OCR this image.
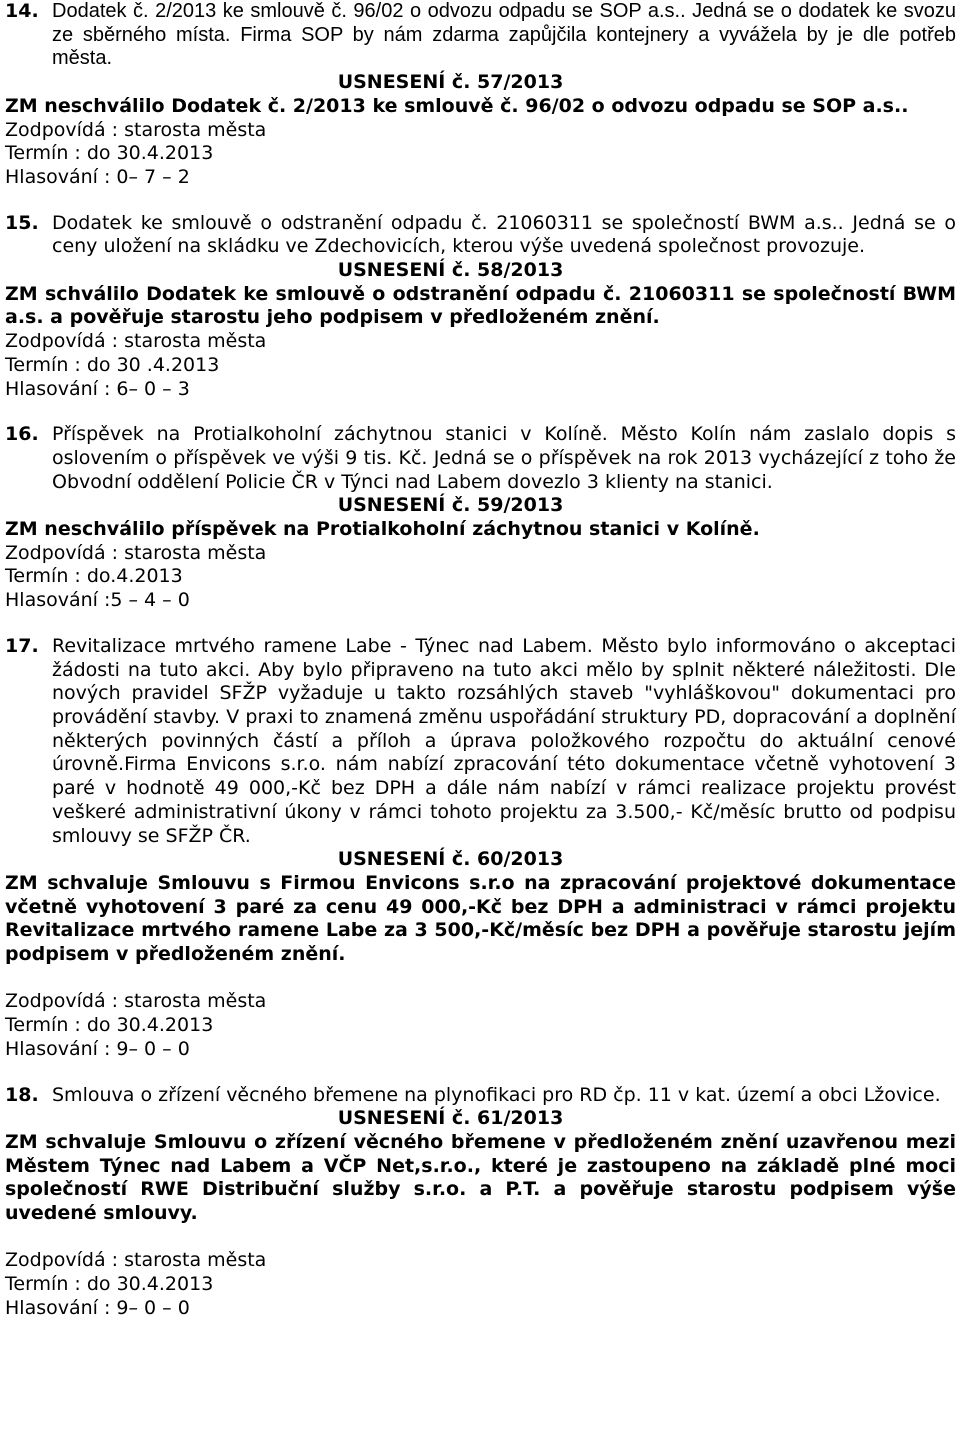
14. Dodatek č. 2/2013 ke smlouvě č. 96/02 o odvozu odpadu se SOP a.s.. Jedná se o dodatek ke svozu ze sběrného místa. Firma SOP by nám zdarma zapůjčila kontejnery a vyvážela by je dle potřeb města.
USNESENÍ č. 57/2013
ZM neschválilo Dodatek č. 2/2013 ke smlouvě č. 96/02 o odvozu odpadu se SOP a.s..
Zodpovídá : starosta města
Termín : do 30.4.2013
Hlasování : 0– 7 – 2
15. Dodatek ke smlouvě o odstranění odpadu č. 21060311 se společností BWM a.s.. Jedná se o ceny uložení na skládku ve Zdechovicích, kterou výše uvedená společnost provozuje.
USNESENÍ č. 58/2013
ZM schválilo Dodatek ke smlouvě o odstranění odpadu č. 21060311 se společností BWM a.s. a pověřuje starostu jeho podpisem v předloženém znění.
Zodpovídá : starosta města
Termín : do 30 .4.2013
Hlasování : 6– 0 – 3
16. Příspěvek na Protialkoholní záchytnou stanici v Kolíně. Město Kolín nám zaslalo dopis s oslovením o příspěvek ve výši 9 tis. Kč. Jedná se o příspěvek na rok 2013 vycházející z toho že Obvodní oddělení Policie ČR v Týnci nad Labem dovezlo 3 klienty na stanici.
USNESENÍ č. 59/2013
ZM neschválilo příspěvek na Protialkoholní záchytnou stanici v Kolíně.
Zodpovídá : starosta města
Termín : do.4.2013
Hlasování :5 – 4 – 0
17. Revitalizace mrtvého ramene Labe - Týnec nad Labem. Město bylo informováno o akceptaci žádosti na tuto akci. Aby bylo připraveno na tuto akci mělo by splnit některé náležitosti. Dle nových pravidel SFŽP vyžaduje u takto rozsáhlých staveb "vyhláškovou" dokumentaci pro provádění stavby. V praxi to znamená změnu uspořádání struktury PD, dopracování a doplnění některých povinných částí a příloh a úprava položkového rozpočtu do aktuální cenové úrovně.Firma Envicons s.r.o. nám nabízí zpracování této dokumentace včetně vyhotovení 3 paré v hodnotě 49 000,-Kč bez DPH a dále nám nabízí v rámci realizace projektu provést veškeré administrativní úkony v rámci tohoto projektu za 3.500,- Kč/měsíc brutto od podpisu smlouvy se SFŽP ČR.
USNESENÍ č. 60/2013
ZM schvaluje Smlouvu s Firmou Envicons s.r.o na zpracování projektové dokumentace včetně vyhotovení 3 paré za cenu 49 000,-Kč bez DPH a administraci v rámci projektu Revitalizace mrtvého ramene Labe za 3 500,-Kč/měsíc bez DPH a pověřuje starostu jejím podpisem v předloženém znění.
Zodpovídá : starosta města
Termín : do 30.4.2013
Hlasování : 9– 0 – 0
18. Smlouva o zřízení věcného břemene na plynofikaci pro RD čp. 11 v kat. území a obci Lžovice.
USNESENÍ č. 61/2013
ZM schvaluje Smlouvu o zřízení věcného břemene v předloženém znění uzavřenou mezi Městem Týnec nad Labem a VČP Net,s.r.o., které je zastoupeno na základě plné moci společností RWE Distribuční služby s.r.o. a P.T. a pověřuje starostu podpisem výše uvedené smlouvy.
Zodpovídá : starosta města
Termín : do 30.4.2013
Hlasování : 9– 0 – 0
